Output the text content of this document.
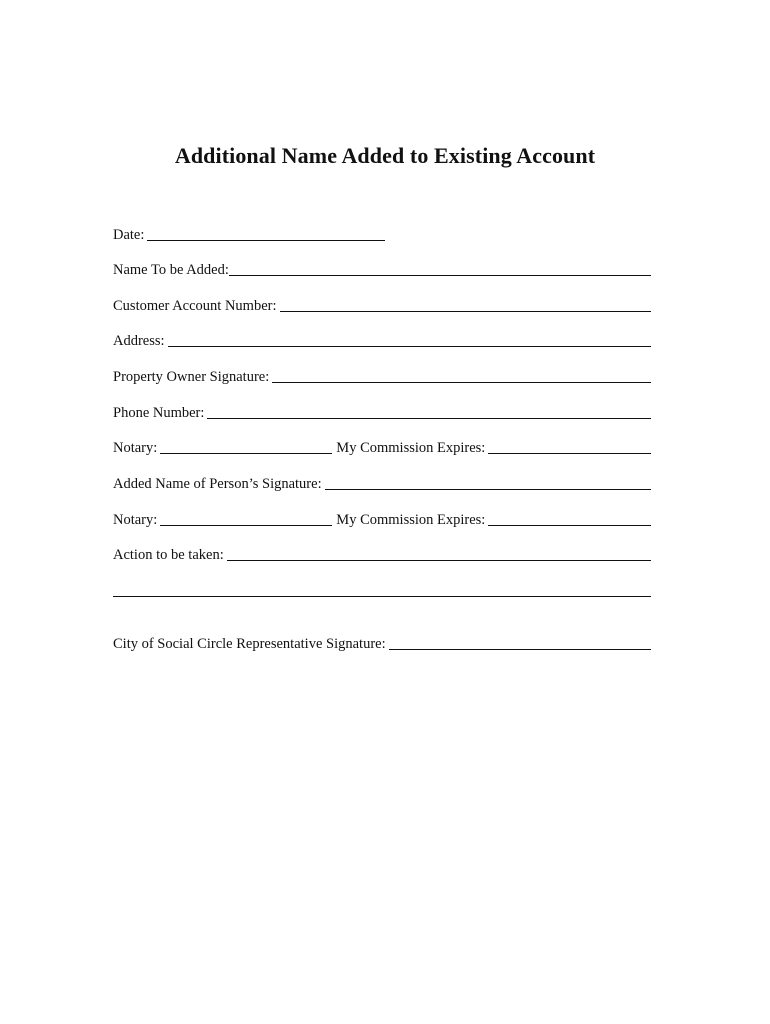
Additional Name Added to Existing Account
Date:
Name To be Added:
Customer Account Number:
Address:
Property Owner Signature:
Phone Number:
Notary:	My Commission Expires:
Added Name of Person’s Signature:
Notary:	My Commission Expires:
Action to be taken:
City of Social Circle Representative Signature:
